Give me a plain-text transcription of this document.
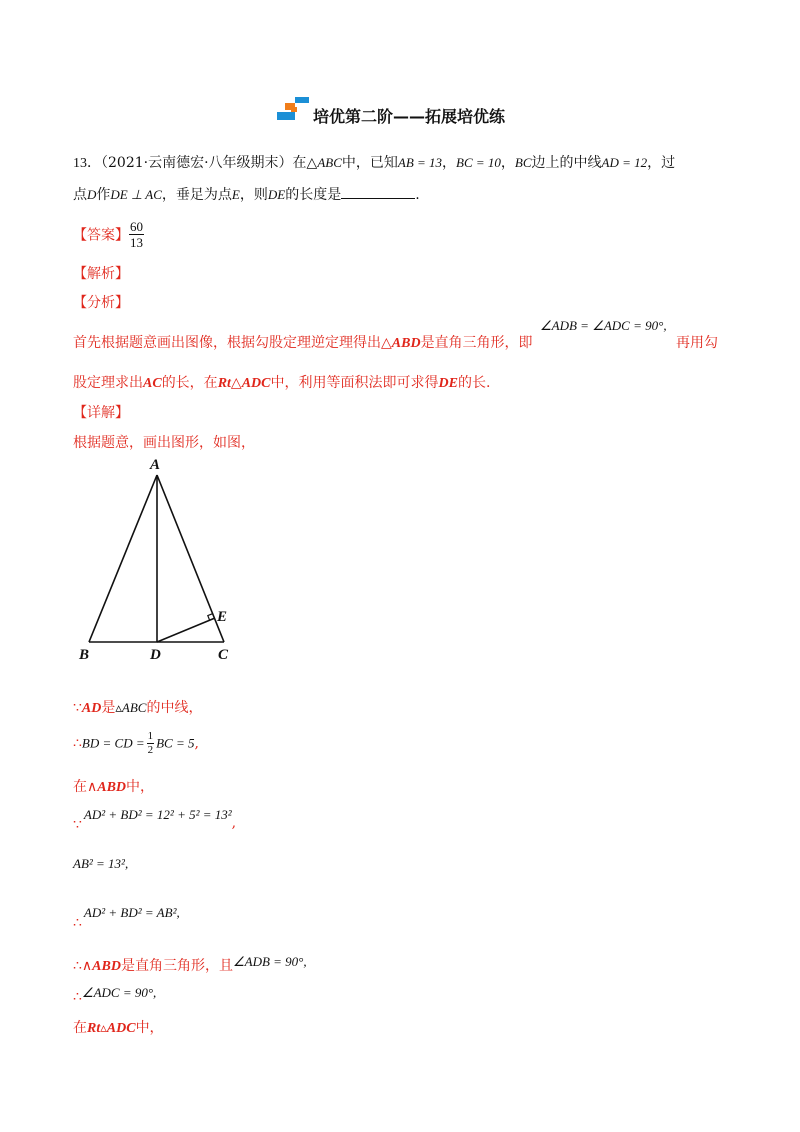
培优第二阶——拓展培优练
13．（2021·云南德宏·八年级期末）在△ABC中，已知AB = 13，BC = 10，BC边上的中线AD = 12，过
点D作DE ⊥ AC，垂足为点E，则DE的长度是	.
【答案】 $\frac{60}{13}$
【解析】
【分析】
首先根据题意画出图像，根据勾股定理逆定理得出△ABD是直角三角形，即
∠ADB = ∠ADC = 90°,
再用勾
股定理求出AC的长，在Rt△ADC中，利用等面积法即可求得DE的长.
【详解】
根据题意，画出图形，如图，
A
B	D	C
E
∵AD是▵ABC的中线，
∴BD = CD = $\frac{1}{2}$ BC = 5,
在∧ABD中，
∵AD² + BD² = 12² + 5² = 13²,
AB² = 13²,
∴AD² + BD² = AB²,
∴∧ABD是直角三角形，且∠ADB = 90°,
∴∠ADC = 90°,
在Rt▵ADC中，
